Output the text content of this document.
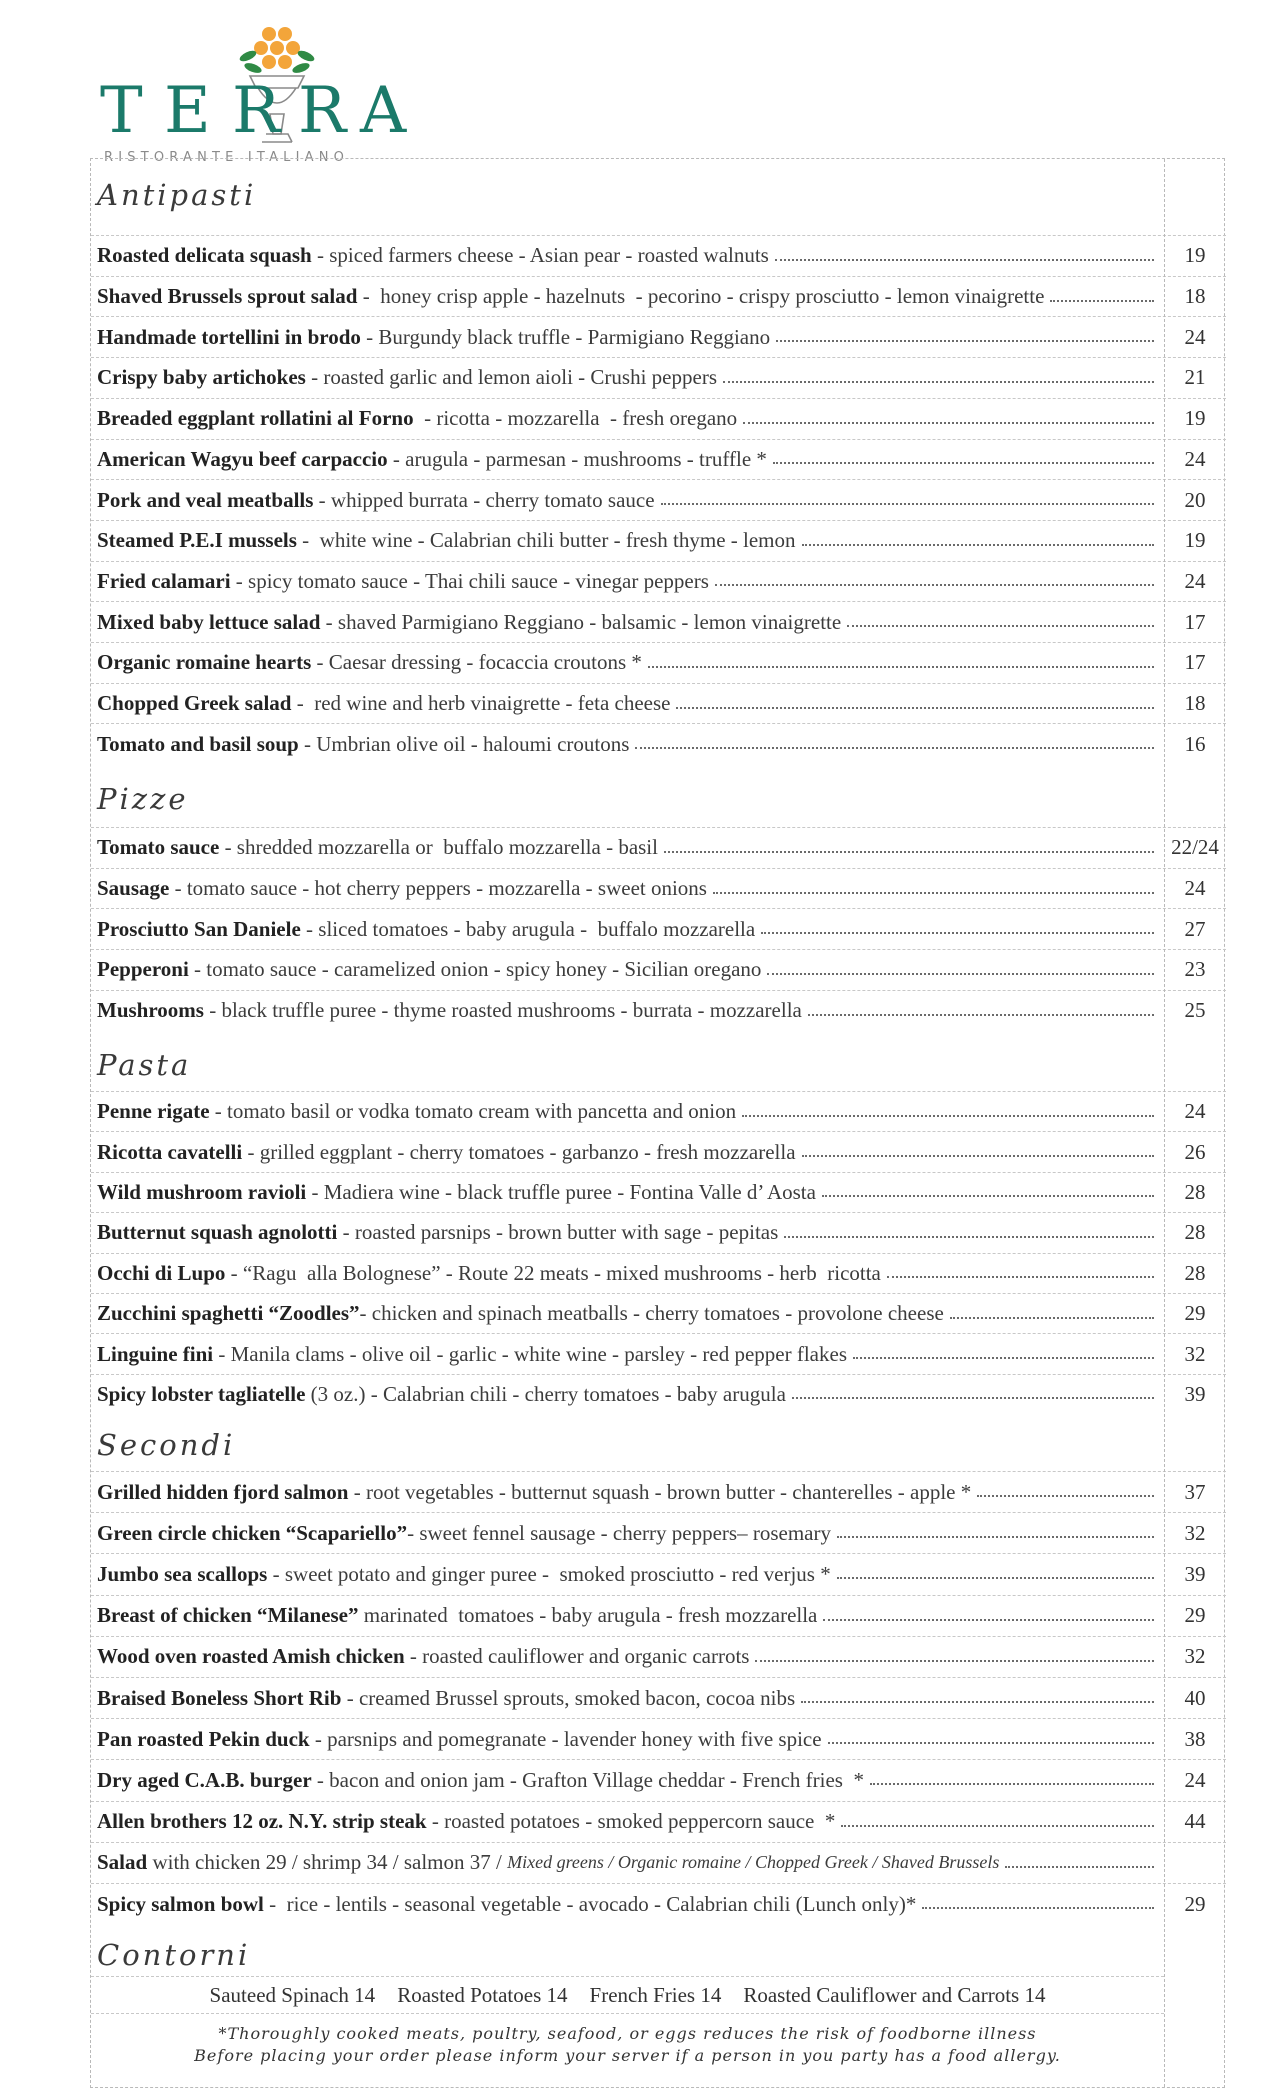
T E R R A
RISTORANTE ITALIANO
Antipasti
Roasted delicata squash - spiced farmers cheese - Asian pear - roasted walnuts	19
Shaved Brussels sprout salad -  honey crisp apple - hazelnuts  - pecorino - crispy prosciutto - lemon vinaigrette	18
Handmade tortellini in brodo - Burgundy black truffle - Parmigiano Reggiano	24
Crispy baby artichokes - roasted garlic and lemon aioli - Crushi peppers	21
Breaded eggplant rollatini al Forno - ricotta - mozzarella  - fresh oregano	19
American Wagyu beef carpaccio - arugula - parmesan - mushrooms - truffle *	24
Pork and veal meatballs - whipped burrata - cherry tomato sauce	20
Steamed P.E.I mussels -  white wine - Calabrian chili butter - fresh thyme - lemon	19
Fried calamari - spicy tomato sauce - Thai chili sauce - vinegar peppers	24
Mixed baby lettuce salad - shaved Parmigiano Reggiano - balsamic - lemon vinaigrette	17
Organic romaine hearts - Caesar dressing - focaccia croutons *	17
Chopped Greek salad -  red wine and herb vinaigrette - feta cheese	18
Tomato and basil soup - Umbrian olive oil - haloumi croutons	16
Pizze
Tomato sauce - shredded mozzarella or  buffalo mozzarella - basil	22/24
Sausage - tomato sauce - hot cherry peppers - mozzarella - sweet onions	24
Prosciutto San Daniele - sliced tomatoes - baby arugula -  buffalo mozzarella	27
Pepperoni - tomato sauce - caramelized onion - spicy honey - Sicilian oregano	23
Mushrooms - black truffle puree - thyme roasted mushrooms - burrata - mozzarella	25
Pasta
Penne rigate - tomato basil or vodka tomato cream with pancetta and onion	24
Ricotta cavatelli - grilled eggplant - cherry tomatoes - garbanzo - fresh mozzarella	26
Wild mushroom ravioli - Madiera wine - black truffle puree - Fontina Valle d’ Aosta	28
Butternut squash agnolotti - roasted parsnips - brown butter with sage - pepitas	28
Occhi di Lupo - “Ragu  alla Bolognese” - Route 22 meats - mixed mushrooms - herb  ricotta	28
Zucchini spaghetti “Zoodles” - chicken and spinach meatballs - cherry tomatoes - provolone cheese	29
Linguine fini - Manila clams - olive oil - garlic - white wine - parsley - red pepper flakes	32
Spicy lobster tagliatelle (3 oz.) - Calabrian chili - cherry tomatoes - baby arugula	39
Secondi
Grilled hidden fjord salmon - root vegetables - butternut squash - brown butter - chanterelles - apple *	37
Green circle chicken “Scapariello” - sweet fennel sausage - cherry peppers– rosemary	32
Jumbo sea scallops - sweet potato and ginger puree -  smoked prosciutto - red verjus *	39
Breast of chicken “Milanese” marinated  tomatoes - baby arugula - fresh mozzarella	29
Wood oven roasted Amish chicken - roasted cauliflower and organic carrots	32
Braised Boneless Short Rib - creamed Brussel sprouts, smoked bacon, cocoa nibs	40
Pan roasted Pekin duck - parsnips and pomegranate - lavender honey with five spice	38
Dry aged C.A.B. burger - bacon and onion jam - Grafton Village cheddar - French fries  *	24
Allen brothers 12 oz. N.Y. strip steak - roasted potatoes - smoked peppercorn sauce  *	44
Salad with chicken 29 / shrimp 34 / salmon 37 / Mixed greens / Organic romaine / Chopped Greek / Shaved Brussels
Spicy salmon bowl -  rice - lentils - seasonal vegetable - avocado - Calabrian chili (Lunch only)*	29
Contorni
Sauteed Spinach 14 Roasted Potatoes 14 French Fries 14 Roasted Cauliflower and Carrots 14
*Thoroughly cooked meats, poultry, seafood, or eggs reduces the risk of foodborne illness
Before placing your order please inform your server if a person in you party has a food allergy.
